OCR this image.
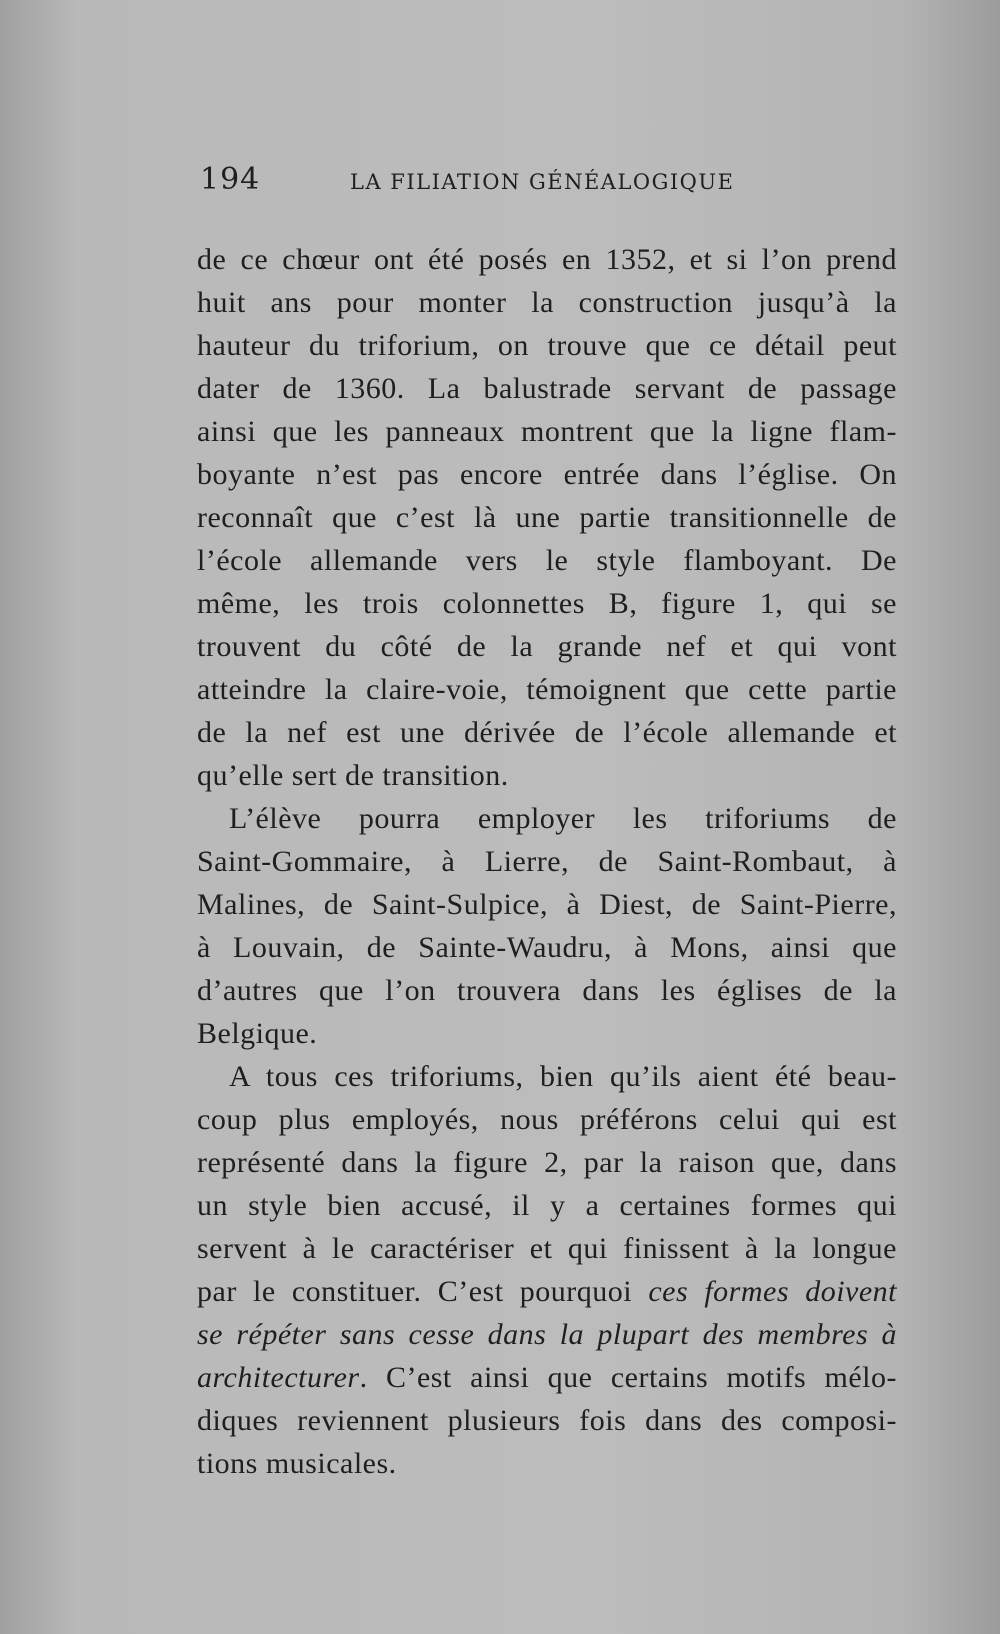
194	LA FILIATION GÉNÉALOGIQUE
de ce chœur ont été posés en 1352, et si l’on prend
huit ans pour monter la construction jusqu’à la
hauteur du triforium, on trouve que ce détail peut
dater de 1360. La balustrade servant de passage
ainsi que les panneaux montrent que la ligne flam-
boyante n’est pas encore entrée dans l’église. On
reconnaît que c’est là une partie transitionnelle de
l’école allemande vers le style flamboyant. De
même, les trois colonnettes B, figure 1, qui se
trouvent du côté de la grande nef et qui vont
atteindre la claire-voie, témoignent que cette partie
de la nef est une dérivée de l’école allemande et
qu’elle sert de transition.
L’élève pourra employer les triforiums de
Saint-Gommaire, à Lierre, de Saint-Rombaut, à
Malines, de Saint-Sulpice, à Diest, de Saint-Pierre,
à Louvain, de Sainte-Waudru, à Mons, ainsi que
d’autres que l’on trouvera dans les églises de la
Belgique.
A tous ces triforiums, bien qu’ils aient été beau-
coup plus employés, nous préférons celui qui est
représenté dans la figure 2, par la raison que, dans
un style bien accusé, il y a certaines formes qui
servent à le caractériser et qui finissent à la longue
par le constituer. C’est pourquoi ces formes doivent
se répéter sans cesse dans la plupart des membres à
architecturer. C’est ainsi que certains motifs mélo-
diques reviennent plusieurs fois dans des composi-
tions musicales.
